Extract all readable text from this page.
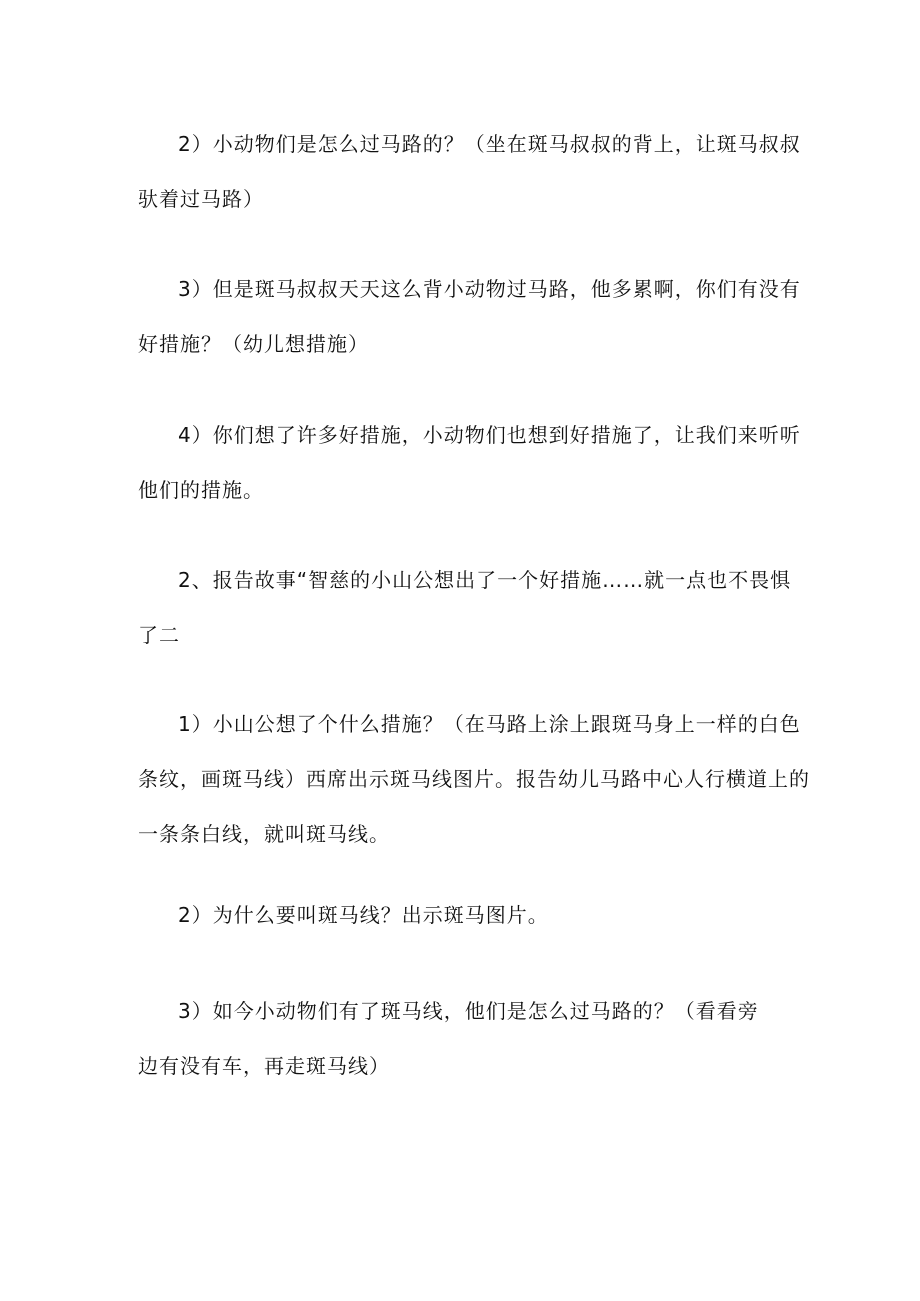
2）小动物们是怎么过马路的？（坐在斑马叔叔的背上，让斑马叔叔
驮着过马路）
3）但是斑马叔叔天天这么背小动物过马路，他多累啊，你们有没有
好措施？（幼儿想措施）
4）你们想了许多好措施，小动物们也想到好措施了，让我们来听听
他们的措施。
2、报告故事“智慈的小山公想出了一个好措施……就一点也不畏惧
了二
1）小山公想了个什么措施？（在马路上涂上跟斑马身上一样的白色
条纹，画斑马线）西席出示斑马线图片。报告幼儿马路中心人行横道上的
一条条白线，就叫斑马线。
2）为什么要叫斑马线？出示斑马图片。
3）如今小动物们有了斑马线，他们是怎么过马路的？（看看旁
边有没有车，再走斑马线）
